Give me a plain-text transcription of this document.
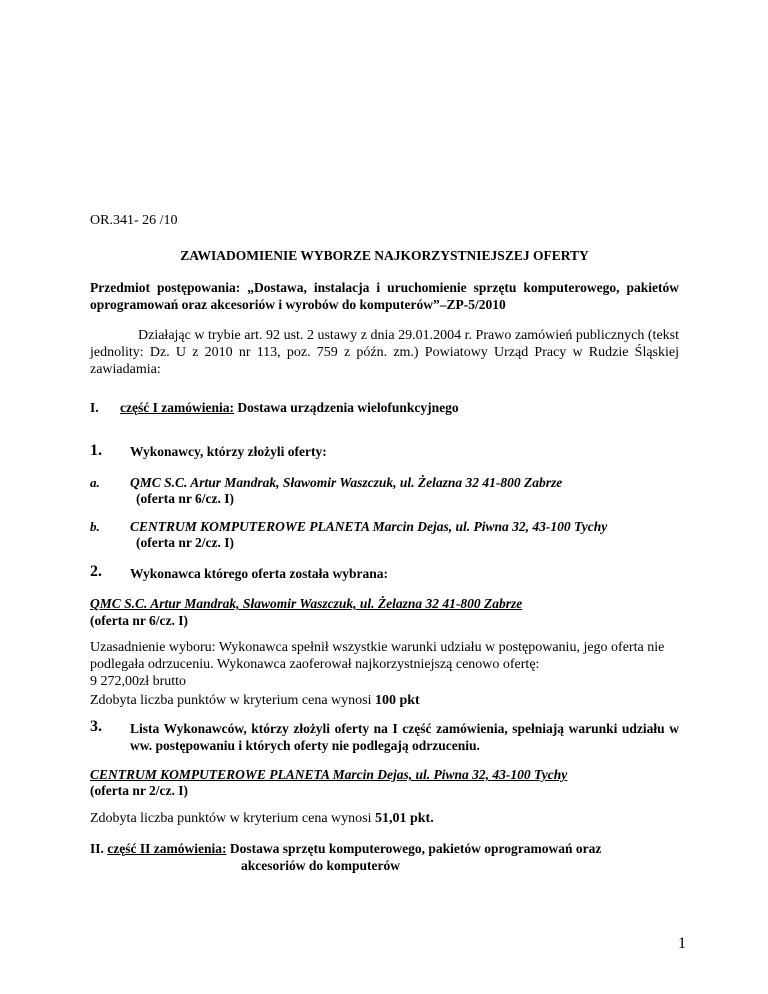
OR.341- 26 /10

ZAWIADOMIENIE WYBORZE NAJKORZYSTNIEJSZEJ OFERTY

Przedmiot postępowania: „Dostawa, instalacja i uruchomienie sprzętu komputerowego, pakietów oprogramowań oraz akcesoriów i wyrobów do komputerów”–ZP-5/2010

Działając w trybie art. 92 ust. 2 ustawy z dnia 29.01.2004 r. Prawo zamówień publicznych (tekst jednolity: Dz. U z 2010 nr 113, poz. 759 z późn. zm.) Powiatowy Urząd Pracy w Rudzie Śląskiej zawiadamia:

I. część I zamówienia: Dostawa urządzenia wielofunkcyjnego
1. Wykonawcy, którzy złożyli oferty:
a. QMC S.C. Artur Mandrak, Sławomir Waszczuk, ul. Żelazna 32 41-800 Zabrze
(oferta nr 6/cz. I)
b. CENTRUM KOMPUTEROWE PLANETA Marcin Dejas, ul. Piwna 32, 43-100 Tychy
(oferta nr 2/cz. I)
2. Wykonawca którego oferta została wybrana:
QMC S.C. Artur Mandrak, Sławomir Waszczuk, ul. Żelazna 32 41-800 Zabrze
(oferta nr 6/cz. I)

Uzasadnienie wyboru: Wykonawca spełnił wszystkie warunki udziału w postępowaniu, jego oferta nie podlegała odrzuceniu. Wykonawca zaoferował najkorzystniejszą cenowo ofertę:

9 272,00zł brutto

Zdobyta liczba punktów w kryterium cena wynosi 100 pkt

3. Lista Wykonawców, którzy złożyli oferty na I część zamówienia, spełniają warunki udziału w ww. postępowaniu i których oferty nie podlegają odrzuceniu.

CENTRUM KOMPUTEROWE PLANETA Marcin Dejas, ul. Piwna 32, 43-100 Tychy
(oferta nr 2/cz. I)

Zdobyta liczba punktów w kryterium cena wynosi 51,01 pkt.

II. część II zamówienia: Dostawa sprzętu komputerowego, pakietów oprogramowań oraz
akcesoriów do komputerów
1
